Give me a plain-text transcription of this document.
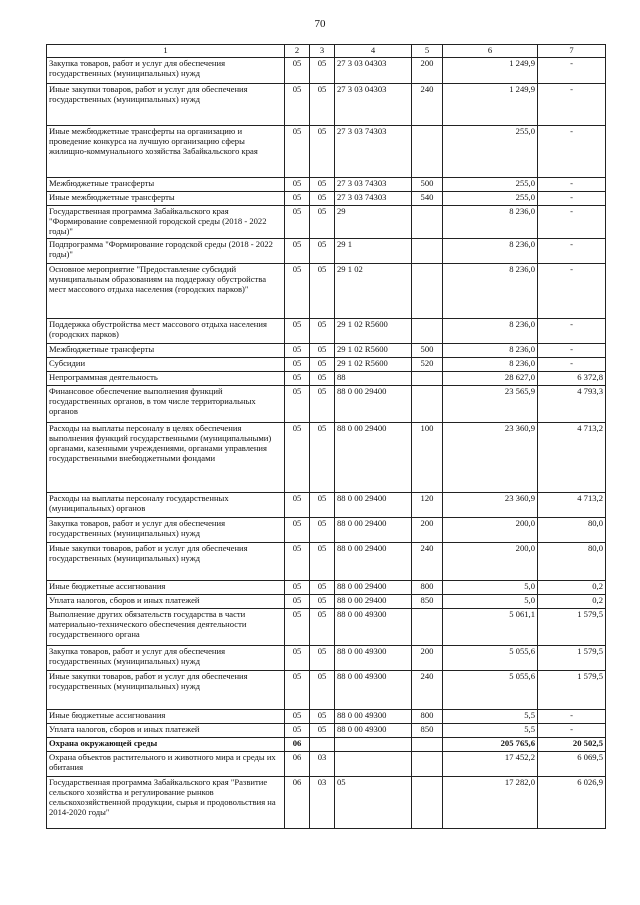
70
1	2	3	4	5	6	7
Закупка товаров, работ и услуг для обеспечения государственных (муниципальных) нужд	05	05	27 3 03 04303	200	1 249,9	-
Иные закупки товаров, работ и услуг для обеспечения государственных (муниципальных) нужд	05	05	27 3 03 04303	240	1 249,9	-
Иные межбюджетные трансферты на организацию и проведение конкурса на лучшую организацию сферы жилищно-коммунального хозяйства Забайкальского края	05	05	27 3 03 74303		255,0	-
Межбюджетные трансферты	05	05	27 3 03 74303	500	255,0	-
Иные межбюджетные трансферты	05	05	27 3 03 74303	540	255,0	-
Государственная программа Забайкальского края "Формирование современной городской среды (2018 - 2022 годы)"	05	05	29		8 236,0	-
Подпрограмма "Формирование городской среды (2018 - 2022 годы)"	05	05	29 1		8 236,0	-
Основное мероприятие "Предоставление субсидий муниципальным образованиям на поддержку обустройства мест массового отдыха населения (городских парков)"	05	05	29 1 02		8 236,0	-
Поддержка обустройства мест массового отдыха населения (городских парков)	05	05	29 1 02 R5600		8 236,0	-
Межбюджетные трансферты	05	05	29 1 02 R5600	500	8 236,0	-
Субсидии	05	05	29 1 02 R5600	520	8 236,0	-
Непрограммная деятельность	05	05	88		28 627,0	6 372,8
Финансовое обеспечение выполнения функций государственных органов, в том числе территориальных органов	05	05	88 0 00 29400		23 565,9	4 793,3
Расходы на выплаты персоналу в целях обеспечения выполнения функций государственными (муниципальными) органами, казенными учреждениями, органами управления государственными внебюджетными фондами	05	05	88 0 00 29400	100	23 360,9	4 713,2
Расходы на выплаты персоналу государственных (муниципальных) органов	05	05	88 0 00 29400	120	23 360,9	4 713,2
Закупка товаров, работ и услуг для обеспечения государственных (муниципальных) нужд	05	05	88 0 00 29400	200	200,0	80,0
Иные закупки товаров, работ и услуг для обеспечения государственных (муниципальных) нужд	05	05	88 0 00 29400	240	200,0	80,0
Иные бюджетные ассигнования	05	05	88 0 00 29400	800	5,0	0,2
Уплата налогов, сборов и иных платежей	05	05	88 0 00 29400	850	5,0	0,2
Выполнение других обязательств государства в части материально-технического обеспечения деятельности государственного органа	05	05	88 0 00 49300		5 061,1	1 579,5
Закупка товаров, работ и услуг для обеспечения государственных (муниципальных) нужд	05	05	88 0 00 49300	200	5 055,6	1 579,5
Иные закупки товаров, работ и услуг для обеспечения государственных (муниципальных) нужд	05	05	88 0 00 49300	240	5 055,6	1 579,5
Иные бюджетные ассигнования	05	05	88 0 00 49300	800	5,5	-
Уплата налогов, сборов и иных платежей	05	05	88 0 00 49300	850	5,5	-
Охрана окружающей среды	06				205 765,6	20 502,5
Охрана объектов растительного и животного мира и среды их обитания	06	03			17 452,2	6 069,5
Государственная программа Забайкальского края "Развитие сельского хозяйства и регулирование рынков сельскохозяйственной продукции, сырья и продовольствия на 2014-2020 годы"	06	03	05		17 282,0	6 026,9
